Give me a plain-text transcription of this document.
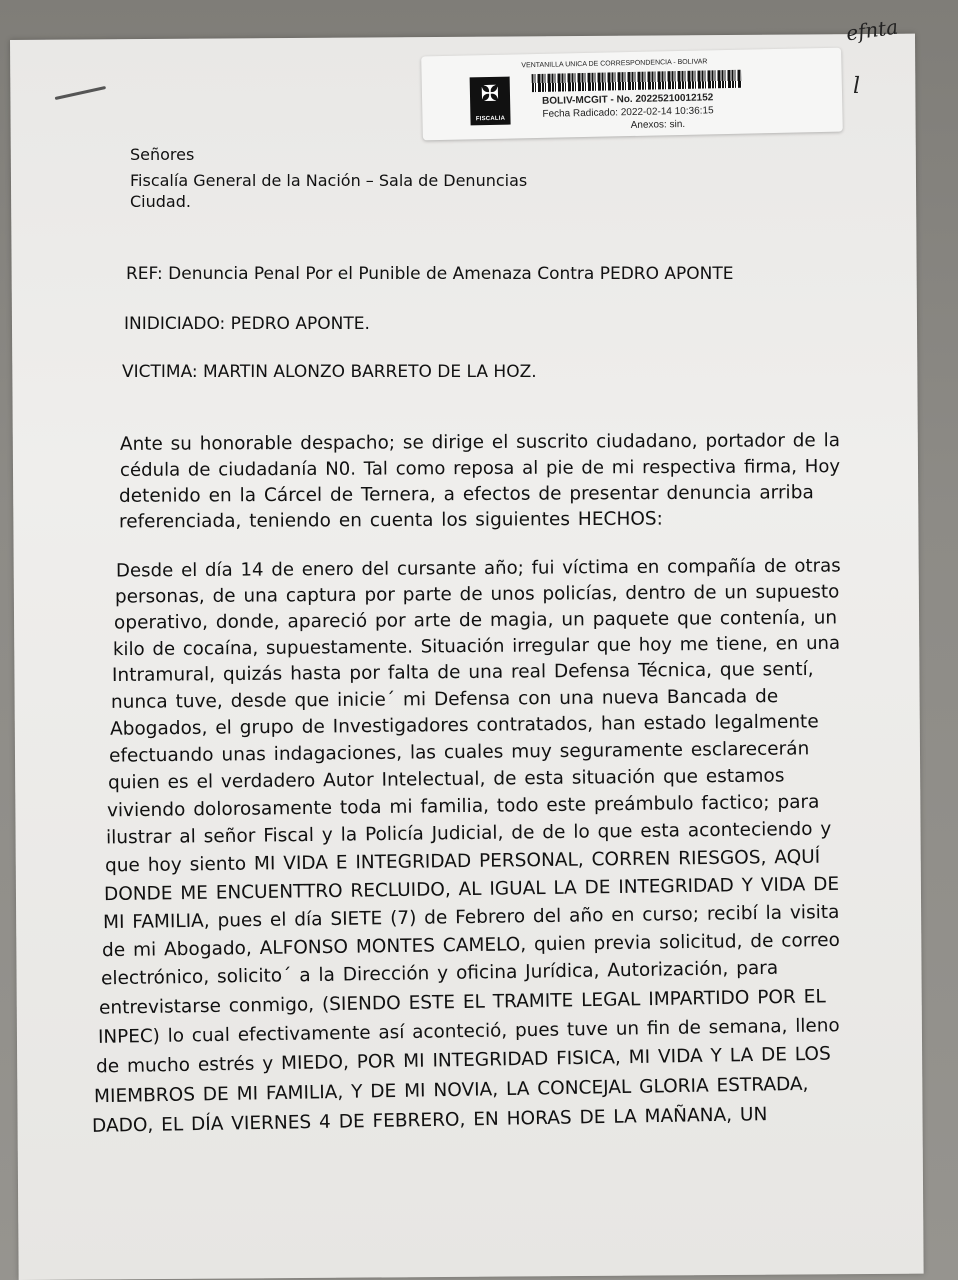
efnta
l
✠
FISCALIA
VENTANILLA UNICA DE CORRESPONDENCIA - BOLIVAR
BOLIV-MCGIT - No. 20225210012152
Fecha Radicado: 2022-02-14 10:36:15
Anexos: sin.
Señores
Fiscalía General de la Nación – Sala de Denuncias
Ciudad.
REF: Denuncia Penal Por el Punible de Amenaza Contra PEDRO APONTE
INIDICIADO: PEDRO APONTE.
VICTIMA: MARTIN ALONZO BARRETO DE LA HOZ.
Ante su honorable despacho; se dirige el suscrito ciudadano, portador de la
cédula de ciudadanía N0. Tal como reposa al pie de mi respectiva firma, Hoy
detenido en la Cárcel de Ternera, a efectos de presentar denuncia arriba
referenciada, teniendo en cuenta los siguientes HECHOS:
Desde el día 14 de enero del cursante año; fui víctima en compañía de otras
personas, de una captura por parte de unos policías, dentro de un supuesto
operativo, donde, apareció por arte de magia, un paquete que contenía, un
kilo de cocaína, supuestamente. Situación irregular que hoy me tiene, en una
Intramural, quizás hasta por falta de una real Defensa Técnica, que sentí,
nunca tuve, desde que inicie´ mi Defensa con una nueva Bancada de
Abogados, el grupo de Investigadores contratados, han estado legalmente
efectuando unas indagaciones, las cuales muy seguramente esclarecerán
quien es el verdadero Autor Intelectual, de esta situación que estamos
viviendo dolorosamente toda mi familia, todo este preámbulo factico; para
ilustrar al señor Fiscal y la Policía Judicial, de de lo que esta aconteciendo y
que hoy siento MI VIDA E INTEGRIDAD PERSONAL, CORREN RIESGOS, AQUÍ
DONDE ME ENCUENTTRO RECLUIDO, AL IGUAL LA DE INTEGRIDAD Y VIDA DE
MI FAMILIA, pues el día SIETE (7) de Febrero del año en curso; recibí la visita
de mi Abogado, ALFONSO MONTES CAMELO, quien previa solicitud, de correo
electrónico, solicito´ a la Dirección y oficina Jurídica, Autorización, para
entrevistarse conmigo, (SIENDO ESTE EL TRAMITE LEGAL IMPARTIDO POR EL
INPEC) lo cual efectivamente así aconteció, pues tuve un fin de semana, lleno
de mucho estrés y MIEDO, POR MI INTEGRIDAD FISICA, MI VIDA Y LA DE LOS
MIEMBROS DE MI FAMILIA, Y DE MI NOVIA, LA CONCEJAL GLORIA ESTRADA,
DADO, EL DÍA VIERNES 4 DE FEBRERO, EN HORAS DE LA MAÑANA, UN
